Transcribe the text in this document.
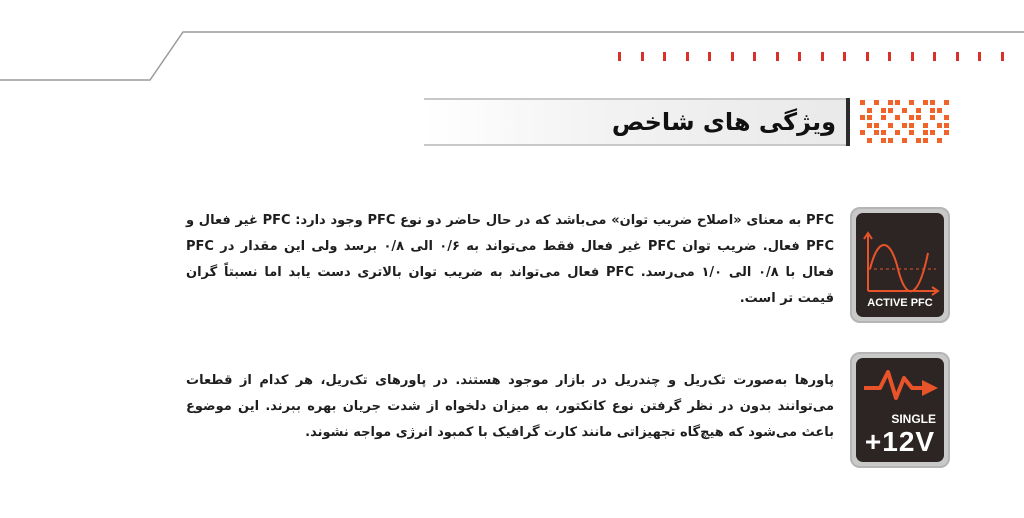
ویژگی های شاخص
ACTIVE PFC
PFC به معنای «اصلاح ضریب توان» می‌باشد که در حال حاضر دو نوع PFC وجود دارد: PFC غیر فعال و PFC فعال. ضریب توان PFC غیر فعال فقط می‌تواند به ۰/۶ الی ۰/۸ برسد ولی این مقدار در PFC فعال با ۰/۸ الی ۱/۰ می‌رسد. PFC فعال می‌تواند به ضریب توان بالاتری دست یابد اما نسبتاً گران قیمت تر است.
SINGLE
+12V
پاورها به‌صورت تک‌ریل و چندریل در بازار موجود هستند. در پاورهای تک‌ریل، هر کدام از قطعات می‌توانند بدون در نظر گرفتن نوع کانکتور، به میزان دلخواه از شدت جریان بهره ببرند. این موضوع باعث می‌شود که هیچ‌گاه تجهیزاتی مانند کارت گرافیک با کمبود انرژی مواجه نشوند.
